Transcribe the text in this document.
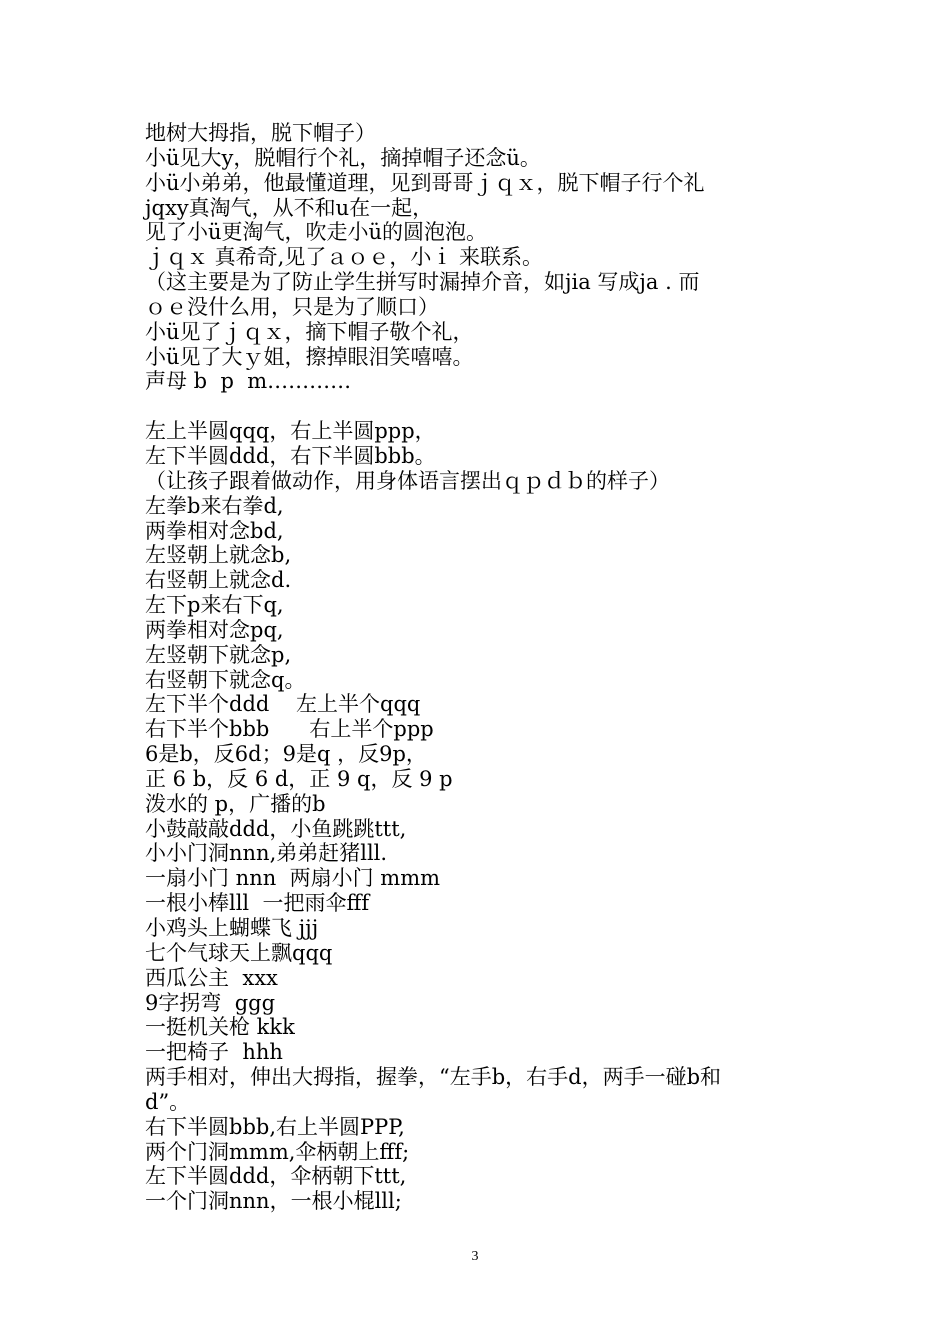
地树大拇指，脱下帽子）
小ü见大y，脱帽行个礼，摘掉帽子还念ü。
小ü小弟弟，他最懂道理，见到哥哥ｊｑｘ，脱下帽子行个礼
jqxy真淘气，从不和u在一起，
见了小ü更淘气，吹走小ü的圆泡泡。
ｊｑｘ 真希奇,见了ａｏｅ，小ｉ 来联系。
（这主要是为了防止学生拼写时漏掉介音，如jia 写成ja . 而
ｏｅ没什么用，只是为了顺口）
小ü见了ｊｑｘ，摘下帽子敬个礼，
小ü见了大ｙ姐，擦掉眼泪笑嘻嘻。
声母 b  p  m…………
左上半圆qqq，右上半圆ppp，
左下半圆ddd，右下半圆bbb。
（让孩子跟着做动作，用身体语言摆出ｑｐｄｂ的样子）
左拳b来右拳d,
两拳相对念bd,
左竖朝上就念b,
右竖朝上就念d.
左下p来右下q,
两拳相对念pq,
左竖朝下就念p,
右竖朝下就念q。
左下半个ddd    左上半个qqq
右下半个bbb      右上半个ppp
6是b，反6d；9是q ，反9p，
正 6 b，反 6 d，正 9 q，反 9 p
泼水的 p，广播的b
小鼓敲敲ddd，小鱼跳跳ttt,
小小门洞nnn,弟弟赶猪lll.
一扇小门 nnn  两扇小门 mmm
一根小棒lll  一把雨伞fff
小鸡头上蝴蝶飞 jjj
七个气球天上飘qqq
西瓜公主  xxx
9字拐弯  ggg
一挺机关枪 kkk
一把椅子  hhh
两手相对，伸出大拇指，握拳，“左手b，右手d，两手一碰b和
d”。
右下半圆bbb,右上半圆PPP,
两个门洞mmm,伞柄朝上fff;
左下半圆ddd，伞柄朝下ttt,
一个门洞nnn，一根小棍lll;
3
